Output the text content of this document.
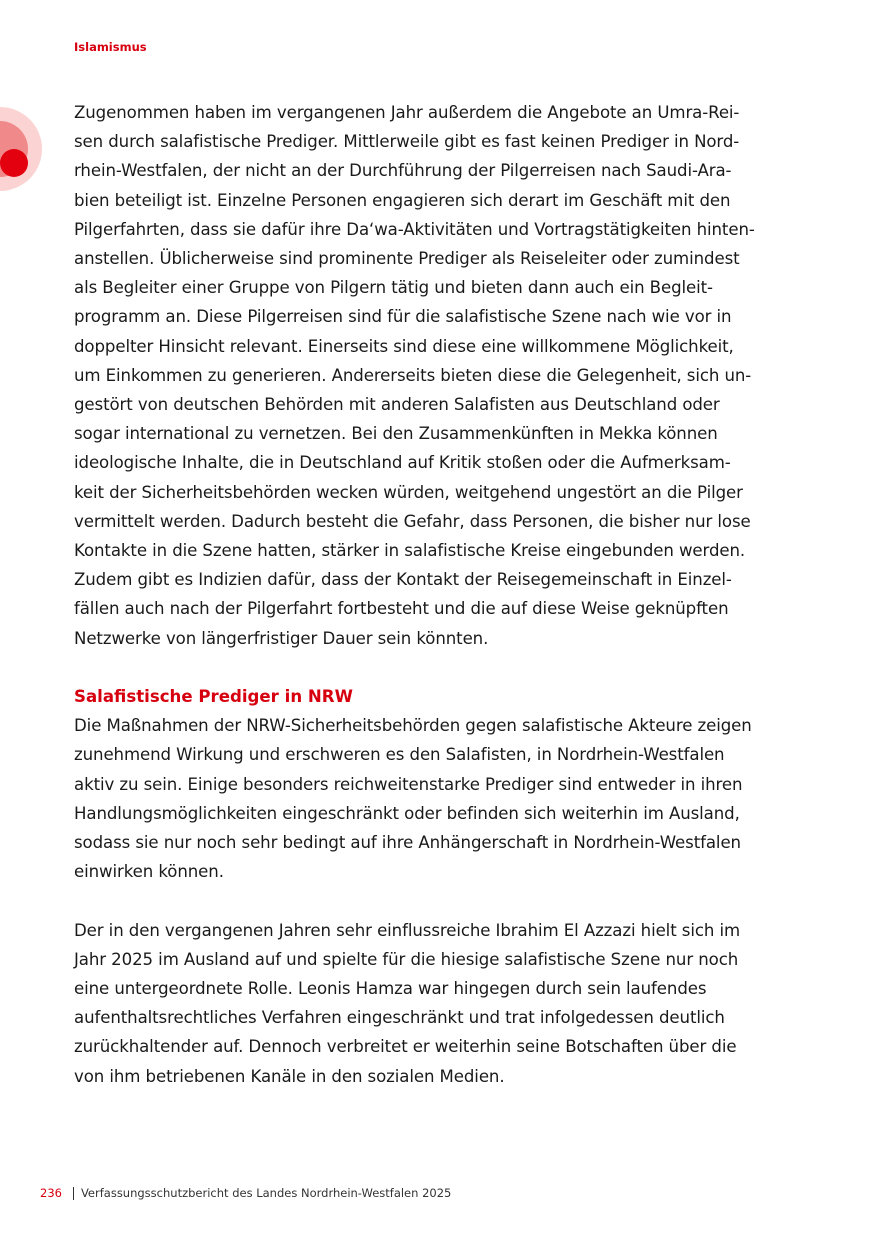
Islamismus

Zugenommen haben im vergangenen Jahr außerdem die Angebote an Umra-Rei-
sen durch salafistische Prediger. Mittlerweile gibt es fast keinen Prediger in Nord-
rhein-Westfalen, der nicht an der Durchführung der Pilgerreisen nach Saudi-Ara-
bien beteiligt ist. Einzelne Personen engagieren sich derart im Geschäft mit den
Pilgerfahrten, dass sie dafür ihre Da‘wa-Aktivitäten und Vortragstätigkeiten hinten-
anstellen. Üblicherweise sind prominente Prediger als Reiseleiter oder zumindest
als Begleiter einer Gruppe von Pilgern tätig und bieten dann auch ein Begleit-
programm an. Diese Pilgerreisen sind für die salafistische Szene nach wie vor in
doppelter Hinsicht relevant. Einerseits sind diese eine willkommene Möglichkeit,
um Einkommen zu generieren. Andererseits bieten diese die Gelegenheit, sich un-
gestört von deutschen Behörden mit anderen Salafisten aus Deutschland oder
sogar international zu vernetzen. Bei den Zusammenkünften in Mekka können
ideologische Inhalte, die in Deutschland auf Kritik stoßen oder die Aufmerksam-
keit der Sicherheitsbehörden wecken würden, weitgehend ungestört an die Pilger
vermittelt werden. Dadurch besteht die Gefahr, dass Personen, die bisher nur lose
Kontakte in die Szene hatten, stärker in salafistische Kreise eingebunden werden.
Zudem gibt es Indizien dafür, dass der Kontakt der Reisegemeinschaft in Einzel-
fällen auch nach der Pilgerfahrt fortbesteht und die auf diese Weise geknüpften
Netzwerke von längerfristiger Dauer sein könnten.

Salafistische Prediger in NRW

Die Maßnahmen der NRW-Sicherheitsbehörden gegen salafistische Akteure zeigen
zunehmend Wirkung und erschweren es den Salafisten, in Nordrhein-Westfalen
aktiv zu sein. Einige besonders reichweitenstarke Prediger sind entweder in ihren
Handlungsmöglichkeiten eingeschränkt oder befinden sich weiterhin im Ausland,
sodass sie nur noch sehr bedingt auf ihre Anhängerschaft in Nordrhein-Westfalen
einwirken können.

Der in den vergangenen Jahren sehr einflussreiche Ibrahim El Azzazi hielt sich im
Jahr 2025 im Ausland auf und spielte für die hiesige salafistische Szene nur noch
eine untergeordnete Rolle. Leonis Hamza war hingegen durch sein laufendes
aufenthaltsrechtliches Verfahren eingeschränkt und trat infolgedessen deutlich
zurückhaltender auf. Dennoch verbreitet er weiterhin seine Botschaften über die
von ihm betriebenen Kanäle in den sozialen Medien.

236 Verfassungsschutzbericht des Landes Nordrhein-Westfalen 2025
